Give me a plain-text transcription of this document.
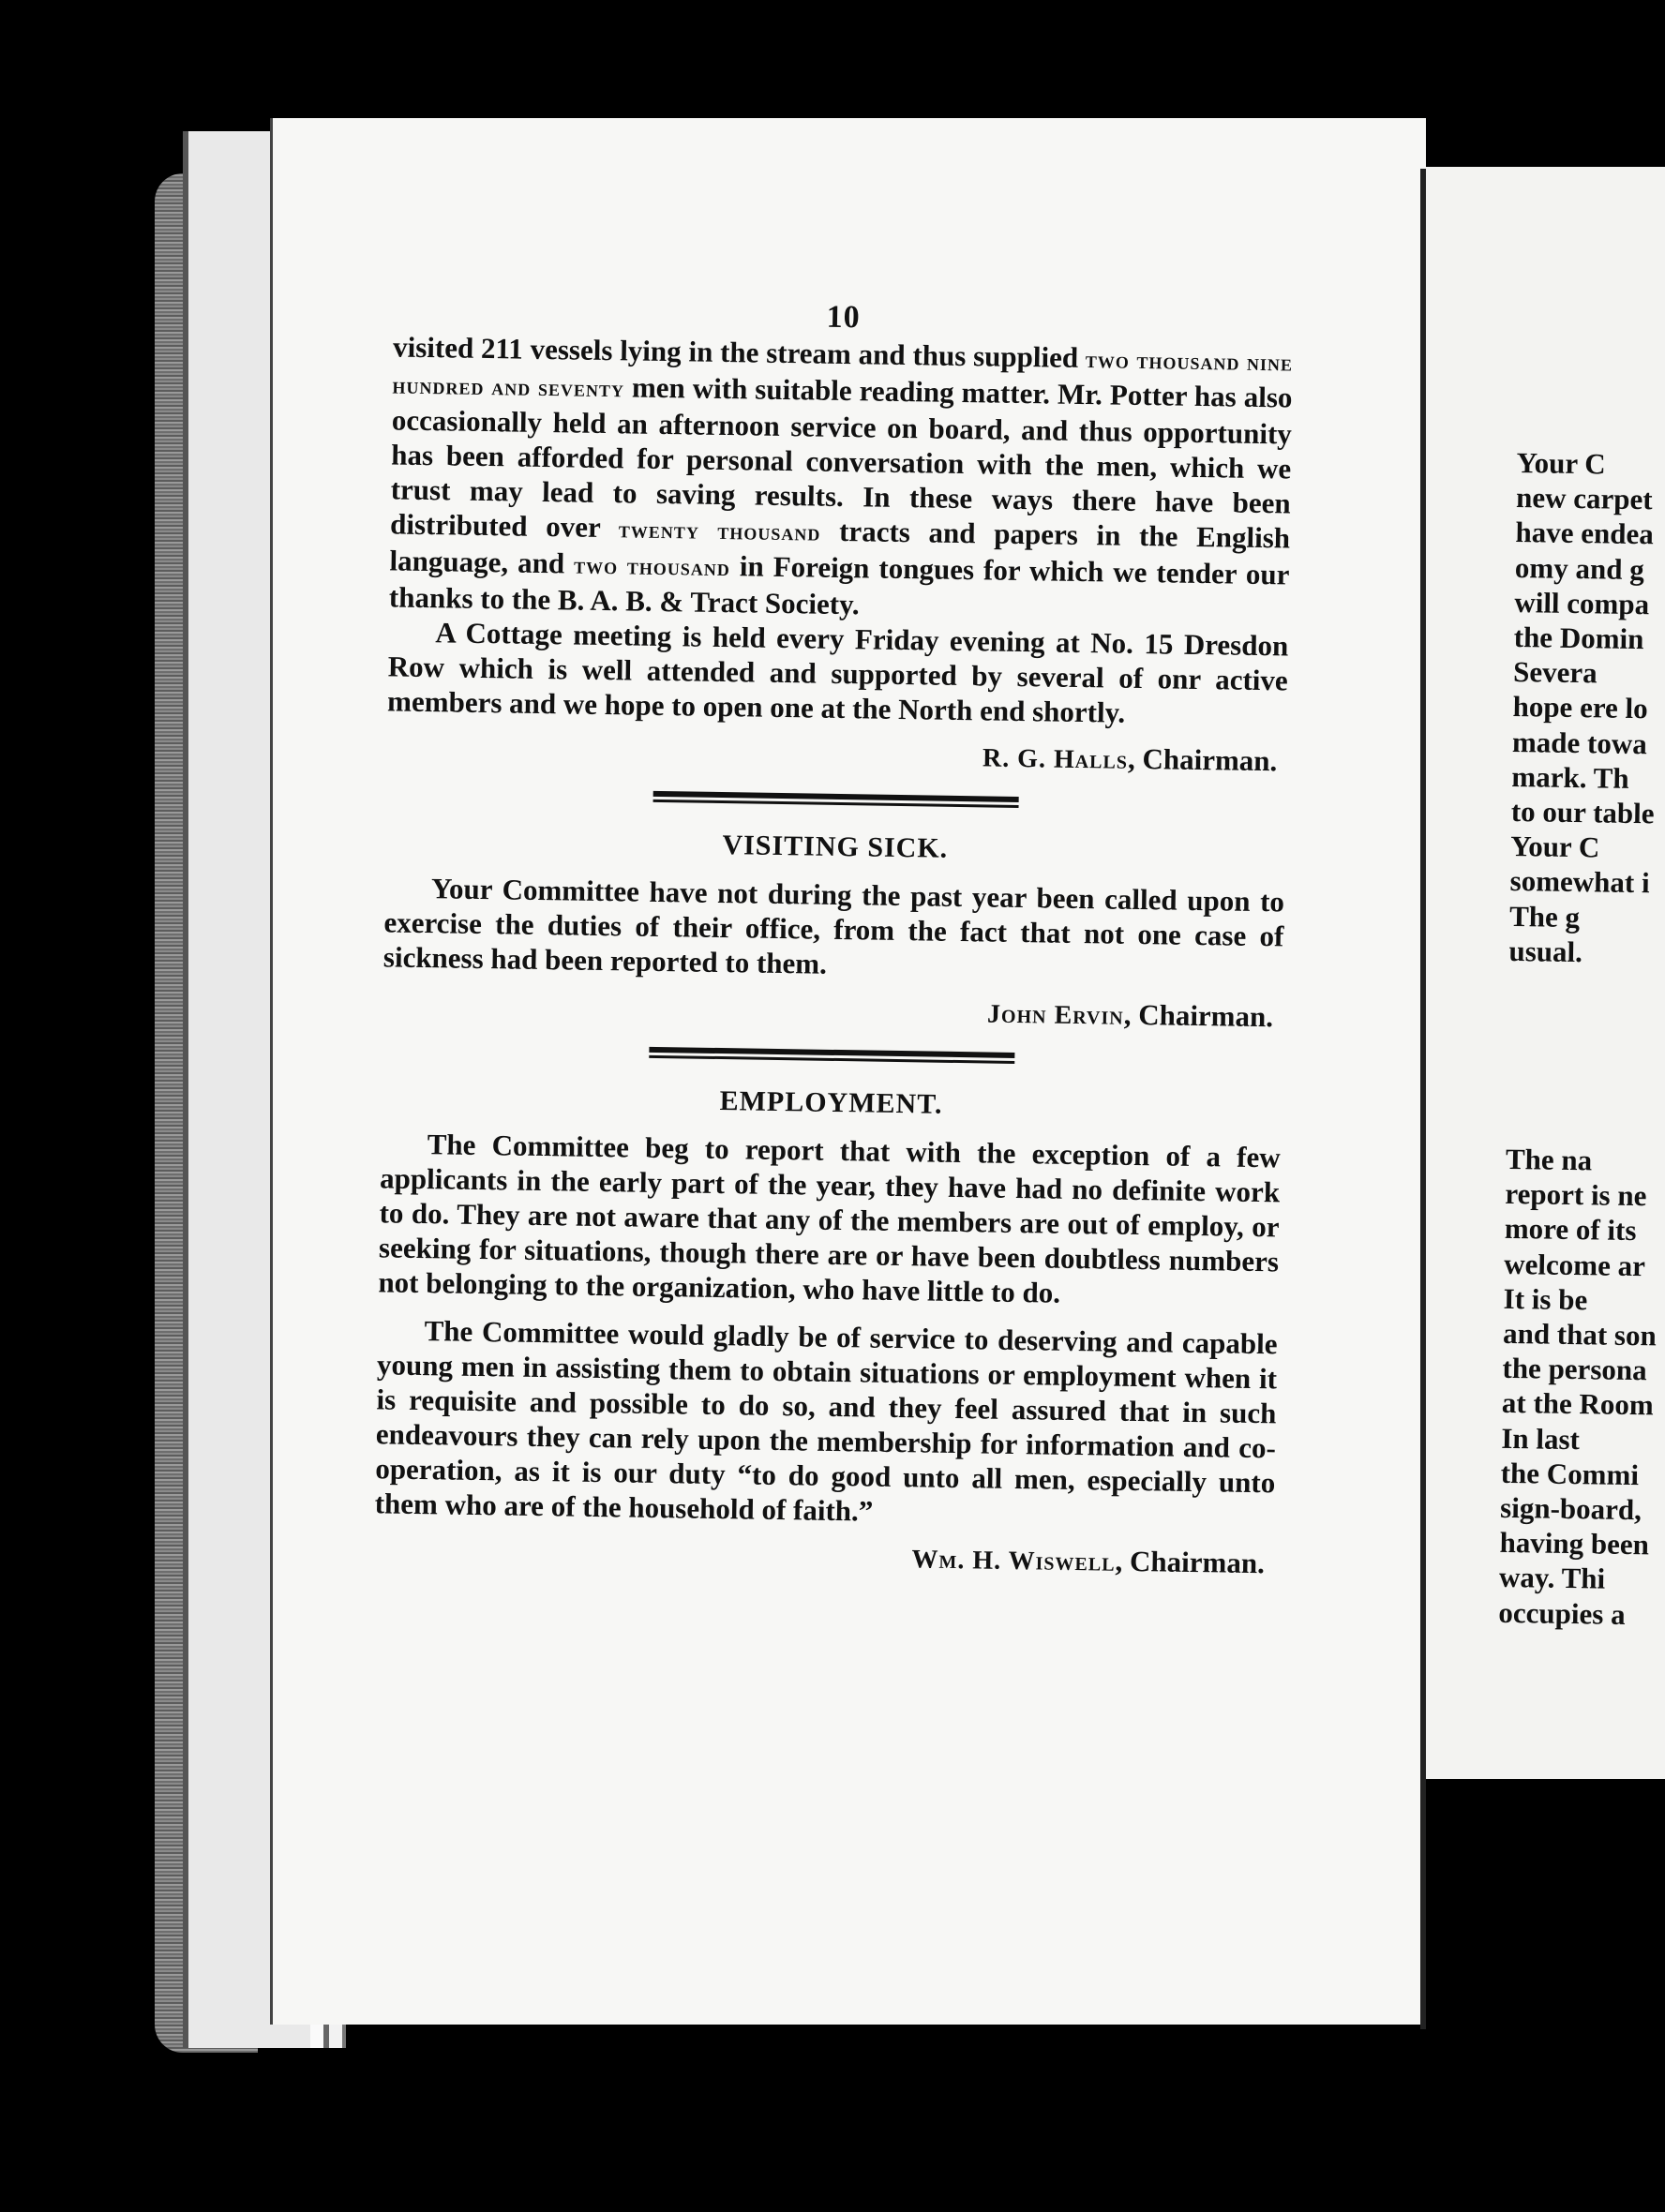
10

visited 211 vessels lying in the stream and thus supplied two thousand nine hundred and seventy men with suitable reading matter. Mr. Potter has also occasionally held an afternoon service on board, and thus opportunity has been afforded for personal conversation with the men, which we trust may lead to saving results. In these ways there have been distributed over twenty thousand tracts and papers in the English language, and two thousand in Foreign tongues for which we tender our thanks to the B. A. B. & Tract Society.

A Cottage meeting is held every Friday evening at No. 15 Dresdon Row which is well attended and supported by several of onr active members and we hope to open one at the North end shortly.

R. G. Halls, Chairman.
VISITING SICK.

Your Committee have not during the past year been called upon to exercise the duties of their office, from the fact that not one case of sickness had been reported to them.

John Ervin, Chairman.
EMPLOYMENT.

The Committee beg to report that with the exception of a few applicants in the early part of the year, they have had no definite work to do. They are not aware that any of the members are out of employ, or seeking for situations, though there are or have been doubtless numbers not belonging to the organization, who have little to do.

The Committee would gladly be of service to deserving and capable young men in assisting them to obtain situations or employment when it is requisite and possible to do so, and they feel assured that in such endeavours they can rely upon the membership for information and co-operation, as it is our duty “to do good unto all men, especially unto them who are of the household of faith.”

Wm. H. Wiswell, Chairman.
Your C
new carpet
have endea
omy and g
will compa
the Domin
Severa
hope ere lo
made towa
mark. Th
to our table
Your C
somewhat i
The g
usual.
The na
report is ne
more of its
welcome ar
It is be
and that son
the persona
at the Room
In last
the Commi
sign-board,
having been
way. Thi
occupies a
